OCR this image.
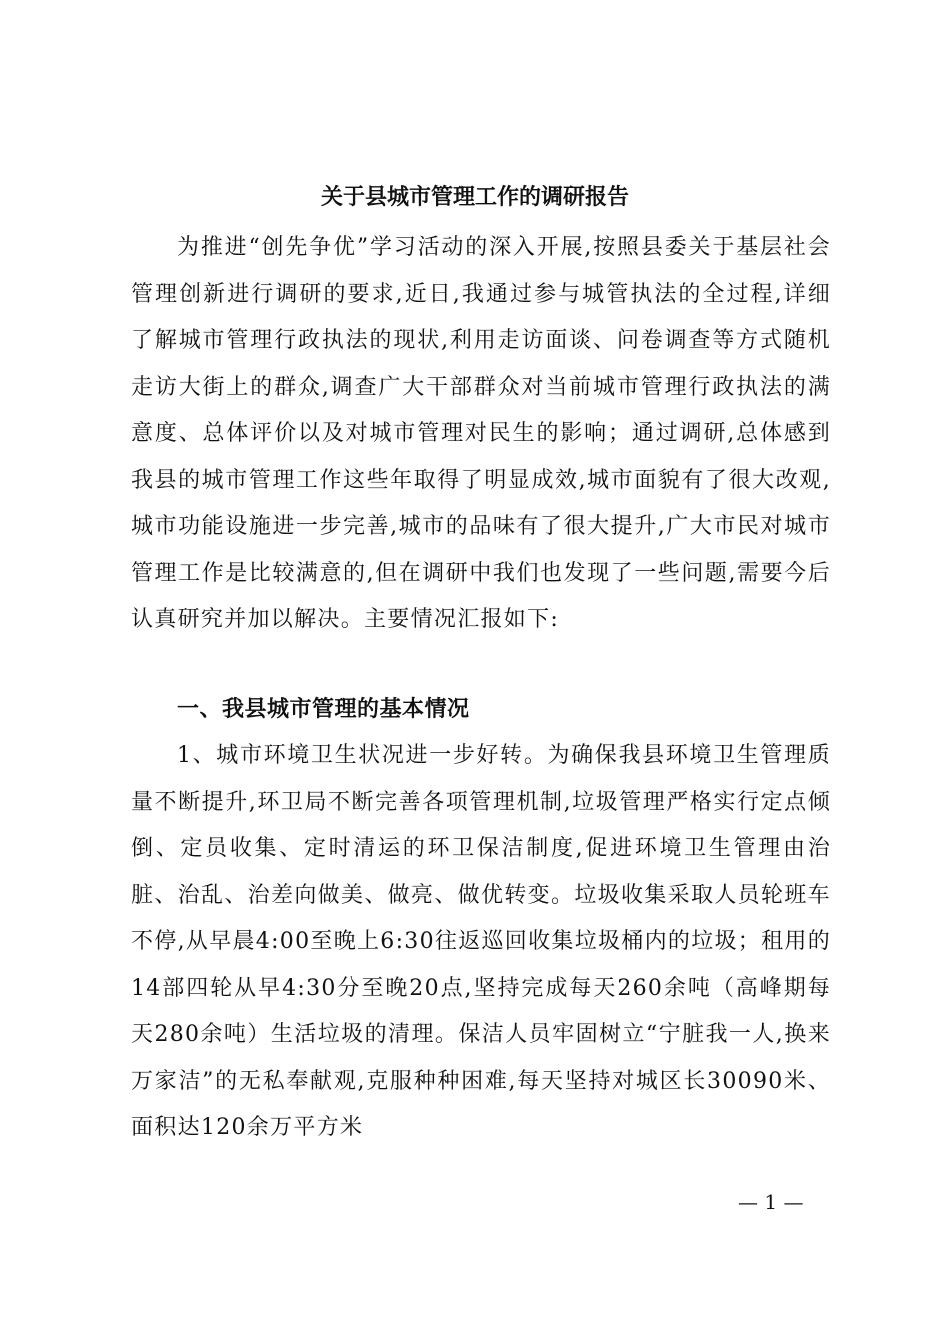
关于县城市管理工作的调研报告
为推进“创先争优”学习活动的深入开展,按照县委关于基层社会管理创新进行调研的要求,近日,我通过参与城管执法的全过程,详细了解城市管理行政执法的现状,利用走访面谈、问卷调查等方式随机走访大街上的群众,调查广大干部群众对当前城市管理行政执法的满意度、总体评价以及对城市管理对民生的影响；通过调研,总体感到我县的城市管理工作这些年取得了明显成效,城市面貌有了很大改观,城市功能设施进一步完善,城市的品味有了很大提升,广大市民对城市管理工作是比较满意的,但在调研中我们也发现了一些问题,需要今后认真研究并加以解决。主要情况汇报如下:
一、我县城市管理的基本情况
1、城市环境卫生状况进一步好转。为确保我县环境卫生管理质量不断提升,环卫局不断完善各项管理机制,垃圾管理严格实行定点倾倒、定员收集、定时清运的环卫保洁制度,促进环境卫生管理由治脏、治乱、治差向做美、做亮、做优转变。垃圾收集采取人员轮班车不停,从早晨4:00至晚上6:30往返巡回收集垃圾桶内的垃圾；租用的14部四轮从早4:30分至晚20点,坚持完成每天260余吨（高峰期每天280余吨）生活垃圾的清理。保洁人员牢固树立“宁脏我一人,换来万家洁”的无私奉献观,克服种种困难,每天坚持对城区长30090米、面积达120余万平方米
— 1 —
